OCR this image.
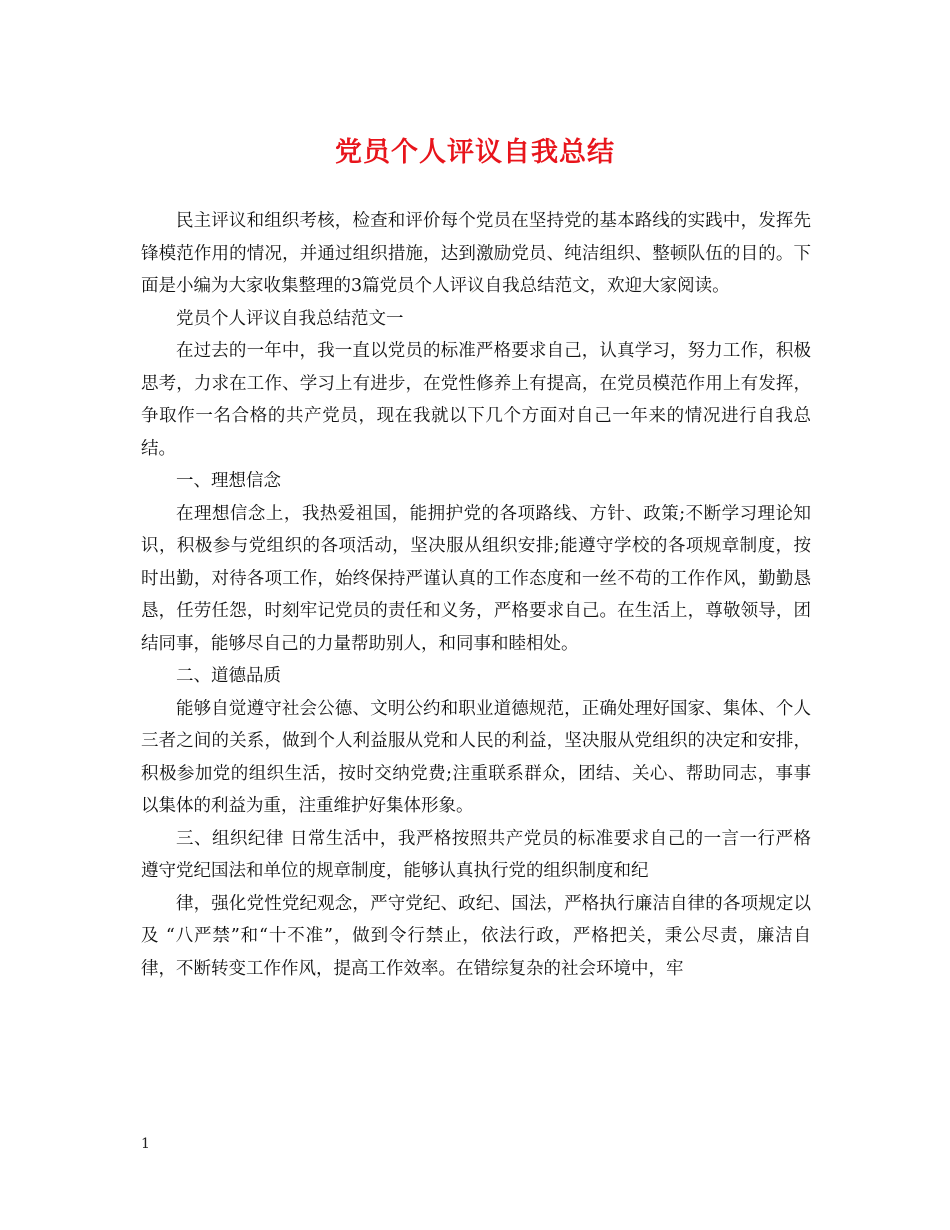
党员个人评议自我总结

民主评议和组织考核，检查和评价每个党员在坚持党的基本路线的实践中，发挥先锋模范作用的情况，并通过组织措施，达到激励党员、纯洁组织、整顿队伍的目的。下面是小编为大家收集整理的3篇党员个人评议自我总结范文，欢迎大家阅读。

党员个人评议自我总结范文一

在过去的一年中，我一直以党员的标准严格要求自己，认真学习，努力工作，积极思考，力求在工作、学习上有进步，在党性修养上有提高，在党员模范作用上有发挥，争取作一名合格的共产党员，现在我就以下几个方面对自己一年来的情况进行自我总结。

一、理想信念

在理想信念上，我热爱祖国，能拥护党的各项路线、方针、政策;不断学习理论知识，积极参与党组织的各项活动，坚决服从组织安排;能遵守学校的各项规章制度，按时出勤，对待各项工作，始终保持严谨认真的工作态度和一丝不苟的工作作风，勤勤恳恳，任劳任怨，时刻牢记党员的责任和义务，严格要求自己。在生活上，尊敬领导，团结同事，能够尽自己的力量帮助别人，和同事和睦相处。

二、道德品质

能够自觉遵守社会公德、文明公约和职业道德规范，正确处理好国家、集体、个人三者之间的关系，做到个人利益服从党和人民的利益，坚决服从党组织的决定和安排，积极参加党的组织生活，按时交纳党费;注重联系群众，团结、关心、帮助同志，事事以集体的利益为重，注重维护好集体形象。

三、组织纪律 日常生活中，我严格按照共产党员的标准要求自己的一言一行严格遵守党纪国法和单位的规章制度，能够认真执行党的组织制度和纪

律，强化党性党纪观念，严守党纪、政纪、国法，严格执行廉洁自律的各项规定以及 “八严禁”和“十不准”，做到令行禁止，依法行政，严格把关，秉公尽责，廉洁自律，不断转变工作作风，提高工作效率。在错综复杂的社会环境中，牢

1
